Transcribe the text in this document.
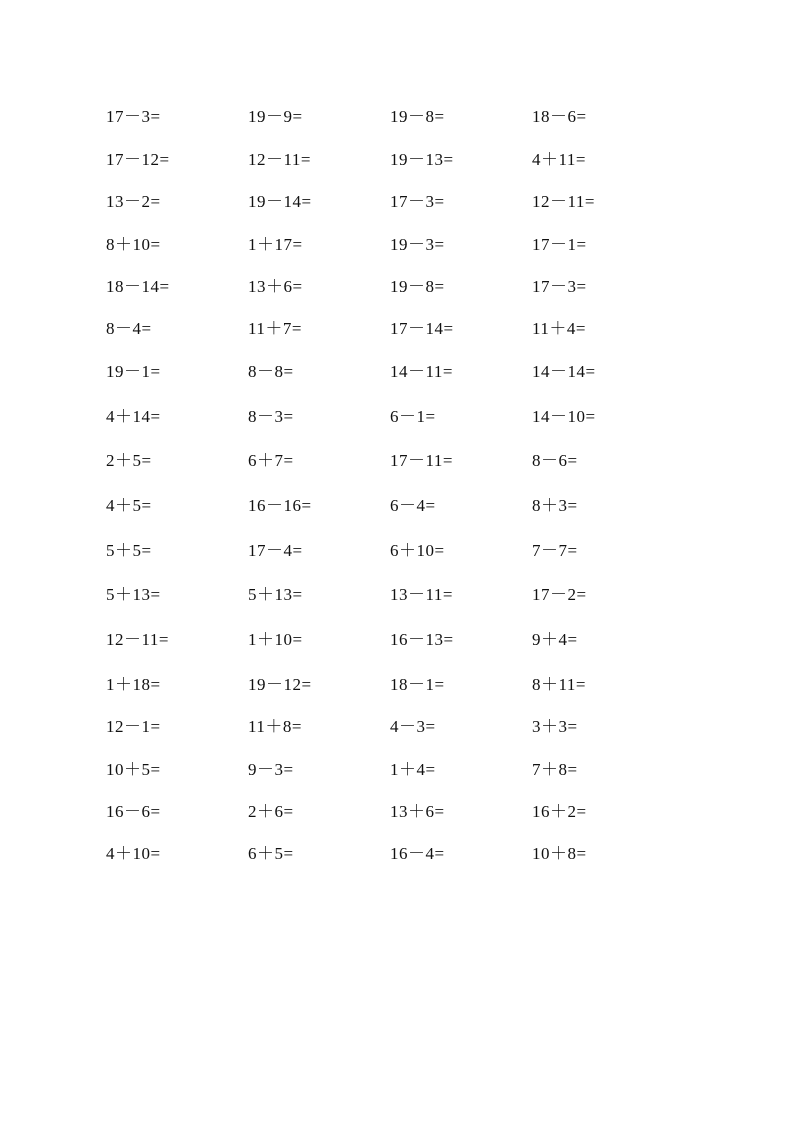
17－3=	19－9=	19－8=	18－6=
17－12=	12－11=	19－13=	4＋11=
13－2=	19－14=	17－3=	12－11=
8＋10=	1＋17=	19－3=	17－1=
18－14=	13＋6=	19－8=	17－3=
8－4=	11＋7=	17－14=	11＋4=
19－1=	8－8=	14－11=	14－14=
4＋14=	8－3=	6－1=	14－10=
2＋5=	6＋7=	17－11=	8－6=
4＋5=	16－16=	6－4=	8＋3=
5＋5=	17－4=	6＋10=	7－7=
5＋13=	5＋13=	13－11=	17－2=
12－11=	1＋10=	16－13=	9＋4=
1＋18=	19－12=	18－1=	8＋11=
12－1=	11＋8=	4－3=	3＋3=
10＋5=	9－3=	1＋4=	7＋8=
16－6=	2＋6=	13＋6=	16＋2=
4＋10=	6＋5=	16－4=	10＋8=
